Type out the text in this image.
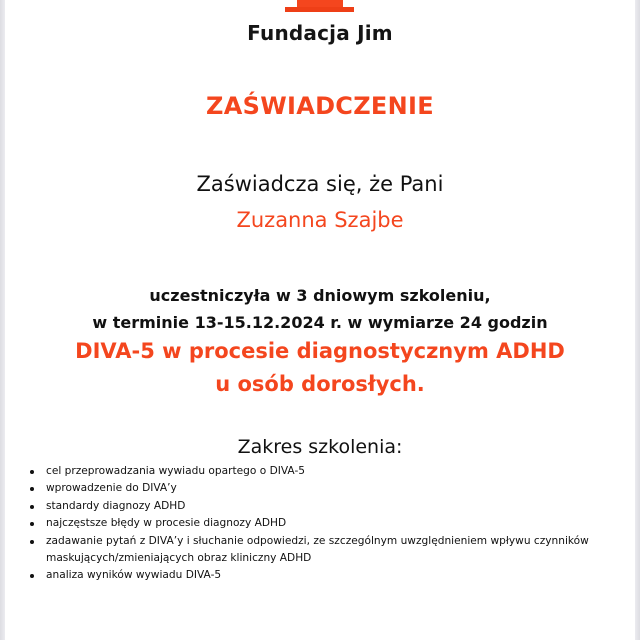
Fundacja Jim
ZAŚWIADCZENIE
Zaświadcza się, że Pani
Zuzanna Szajbe
uczestniczyła w 3 dniowym szkoleniu,
w terminie 13-15.12.2024 r. w wymiarze 24 godzin
DIVA-5 w procesie diagnostycznym ADHD
u osób dorosłych.
Zakres szkolenia:
cel przeprowadzania wywiadu opartego o DIVA-5
wprowadzenie do DIVA’y
standardy diagnozy ADHD
najczęstsze błędy w procesie diagnozy ADHD
zadawanie pytań z DIVA’y i słuchanie odpowiedzi, ze szczególnym uwzględnieniem wpływu czynników maskujących/zmieniających obraz kliniczny ADHD
analiza wyników wywiadu DIVA-5
